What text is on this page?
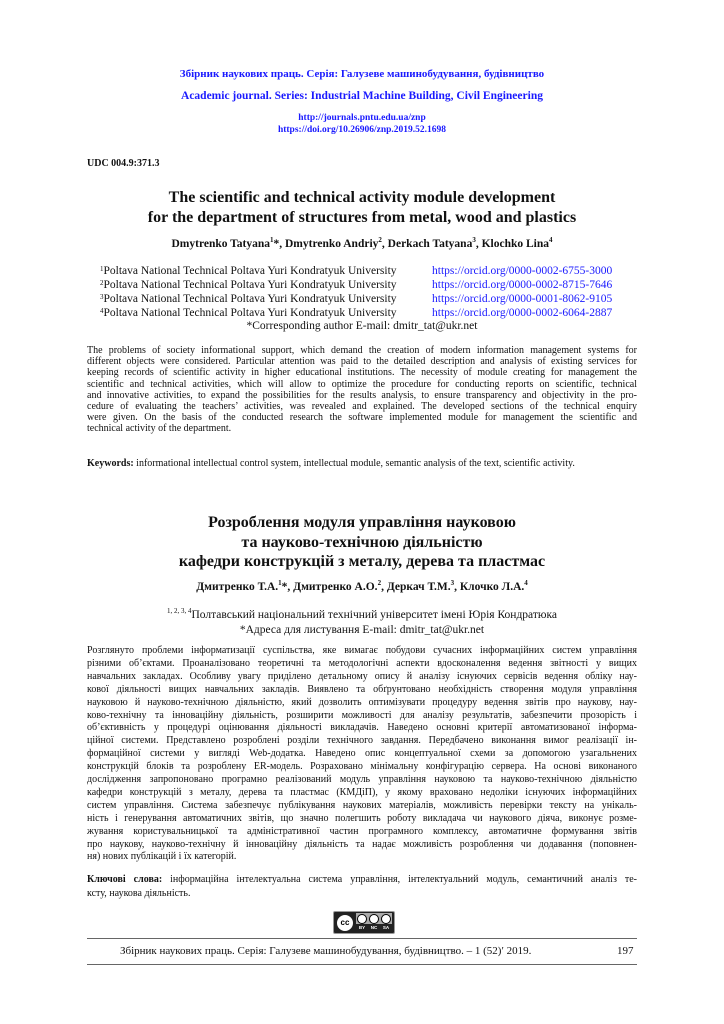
Збірник наукових праць. Серія: Галузеве машинобудування, будівництво
Academic journal. Series: Industrial Machine Building, Civil Engineering
http://journals.pntu.edu.ua/znp
https://doi.org/10.26906/znp.2019.52.1698
UDC 004.9:371.3
The scientific and technical activity module development
for the department of structures from metal, wood and plastics
Dmytrenko Tatyana$^1$*, Dmytrenko Andriy$^2$, Derkach Tatyana$^3$, Klochko Lina$^4$
$^1$Poltava National Technical Poltava Yuri Kondratyuk University	https://orcid.org/0000-0002-6755-3000
$^2$Poltava National Technical Poltava Yuri Kondratyuk University	https://orcid.org/0000-0002-8715-7646
$^3$Poltava National Technical Poltava Yuri Kondratyuk University	https://orcid.org/0000-0001-8062-9105
$^4$Poltava National Technical Poltava Yuri Kondratyuk University	https://orcid.org/0000-0002-6064-2887
*Corresponding author E-mail: dmitr_tat@ukr.net
The problems of society informational support, which demand the creation of modern information management systems for
different objects were considered. Particular attention was paid to the detailed description and analysis of existing services for
keeping records of scientific activity in higher educational institutions. The necessity of module creating for management the
scientific and technical activities, which will allow to optimize the procedure for conducting reports on scientific, technical
and innovative activities, to expand the possibilities for the results analysis, to ensure transparency and objectivity in the pro-
cedure of evaluating the teachers’ activities, was revealed and explained. The developed sections of the technical enquiry
were given. On the basis of the conducted research the software implemented module for management the scientific and
technical activity of the department.
Keywords: informational intellectual control system, intellectual module, semantic analysis of the text, scientific activity.
Розроблення модуля управління науковою
та науково-технічною діяльністю
кафедри конструкцій з металу, дерева та пластмас
Дмитренко Т.А.$^1$*, Дмитренко А.О.$^2$, Деркач Т.М.$^3$, Клочко Л.А.$^4$
$^{1, 2, 3, 4}$Полтавський національний технічний університет імені Юрія Кондратюка
*Адреса для листування E-mail: dmitr_tat@ukr.net
Розглянуто проблеми інформатизації суспільства, яке вимагає побудови сучасних інформаційних систем управління
різними об’єктами. Проаналізовано теоретичні та методологічні аспекти вдосконалення ведення звітності у вищих
навчальних закладах. Особливу увагу приділено детальному опису й аналізу існуючих сервісів ведення обліку нау-
кової діяльності вищих навчальних закладів. Виявлено та обґрунтовано необхідність створення модуля управління
науковою й науково-технічною діяльністю, який дозволить оптимізувати процедуру ведення звітів про наукову, нау-
ково-технічну та інноваційну діяльність, розширити можливості для аналізу результатів, забезпечити прозорість і
об’єктивність у процедурі оцінювання діяльності викладачів. Наведено основні критерії автоматизованої інформа-
ційної системи. Представлено розроблені розділи технічного завдання. Передбачено виконання вимог реалізації ін-
формаційної системи у вигляді Web-додатка. Наведено опис концептуальної схеми за допомогою узагальнених
конструкцій блоків та розроблену ER-модель. Розраховано мінімальну конфігурацію сервера. На основі виконаного
дослідження запропоновано програмно реалізований модуль управління науковою та науково-технічною діяльністю
кафедри конструкцій з металу, дерева та пластмас (КМДіП), у якому враховано недоліки існуючих інформаційних
систем управління. Система забезпечує публікування наукових матеріалів, можливість перевірки тексту на унікаль-
ність і генерування автоматичних звітів, що значно полегшить роботу викладача чи наукового діяча, виконує розме-
жування користувальницької та адміністративної частин програмного комплексу, автоматичне формування звітів
про наукову, науково-технічну й інноваційну діяльність та надає можливість розроблення чи додавання (поповнен-
ня) нових публікацій і їх категорій.
Ключові слова: інформаційна інтелектуальна система управління, інтелектуальний модуль, семантичний аналіз те-
ксту, наукова діяльність.
cc
BY NC SA
Збірник наукових праць. Серія: Галузеве машинобудування, будівництво. – 1 (52)′ 2019.	197
